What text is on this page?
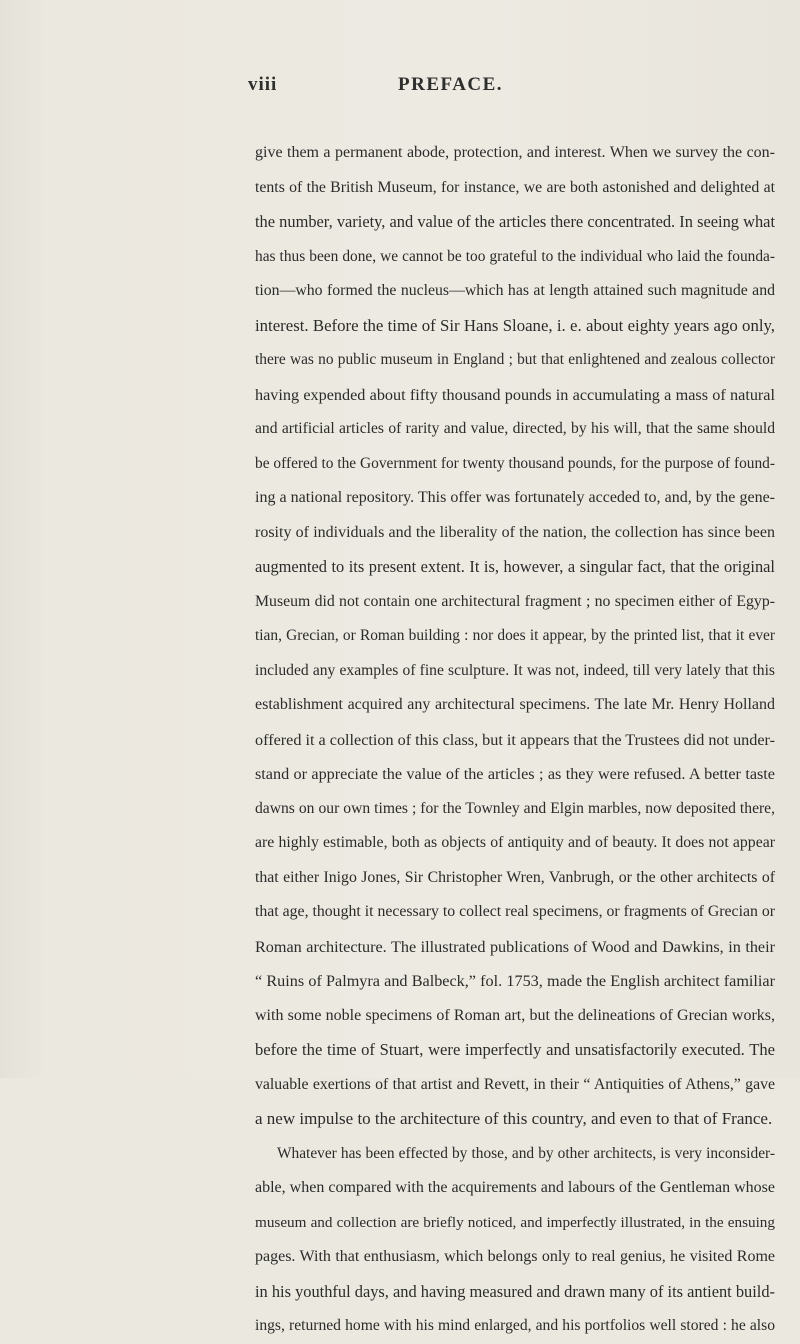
viii	PREFACE.
give them a permanent abode, protection, and interest. When we survey the con-
tents of the British Museum, for instance, we are both astonished and delighted at
the number, variety, and value of the articles there concentrated. In seeing what
has thus been done, we cannot be too grateful to the individual who laid the founda-
tion—who formed the nucleus—which has at length attained such magnitude and
interest. Before the time of Sir Hans Sloane, i. e. about eighty years ago only,
there was no public museum in England ; but that enlightened and zealous collector
having expended about fifty thousand pounds in accumulating a mass of natural
and artificial articles of rarity and value, directed, by his will, that the same should
be offered to the Government for twenty thousand pounds, for the purpose of found-
ing a national repository. This offer was fortunately acceded to, and, by the gene-
rosity of individuals and the liberality of the nation, the collection has since been
augmented to its present extent. It is, however, a singular fact, that the original
Museum did not contain one architectural fragment ; no specimen either of Egyp-
tian, Grecian, or Roman building : nor does it appear, by the printed list, that it ever
included any examples of fine sculpture. It was not, indeed, till very lately that this
establishment acquired any architectural specimens. The late Mr. Henry Holland
offered it a collection of this class, but it appears that the Trustees did not under-
stand or appreciate the value of the articles ; as they were refused. A better taste
dawns on our own times ; for the Townley and Elgin marbles, now deposited there,
are highly estimable, both as objects of antiquity and of beauty. It does not appear
that either Inigo Jones, Sir Christopher Wren, Vanbrugh, or the other architects of
that age, thought it necessary to collect real specimens, or fragments of Grecian or
Roman architecture. The illustrated publications of Wood and Dawkins, in their
“ Ruins of Palmyra and Balbeck,” fol. 1753, made the English architect familiar
with some noble specimens of Roman art, but the delineations of Grecian works,
before the time of Stuart, were imperfectly and unsatisfactorily executed. The
valuable exertions of that artist and Revett, in their “ Antiquities of Athens,” gave
a new impulse to the architecture of this country, and even to that of France.
Whatever has been effected by those, and by other architects, is very inconsider-
able, when compared with the acquirements and labours of the Gentleman whose
museum and collection are briefly noticed, and imperfectly illustrated, in the ensuing
pages. With that enthusiasm, which belongs only to real genius, he visited Rome
in his youthful days, and having measured and drawn many of its antient build-
ings, returned home with his mind enlarged, and his portfolios well stored : he also
